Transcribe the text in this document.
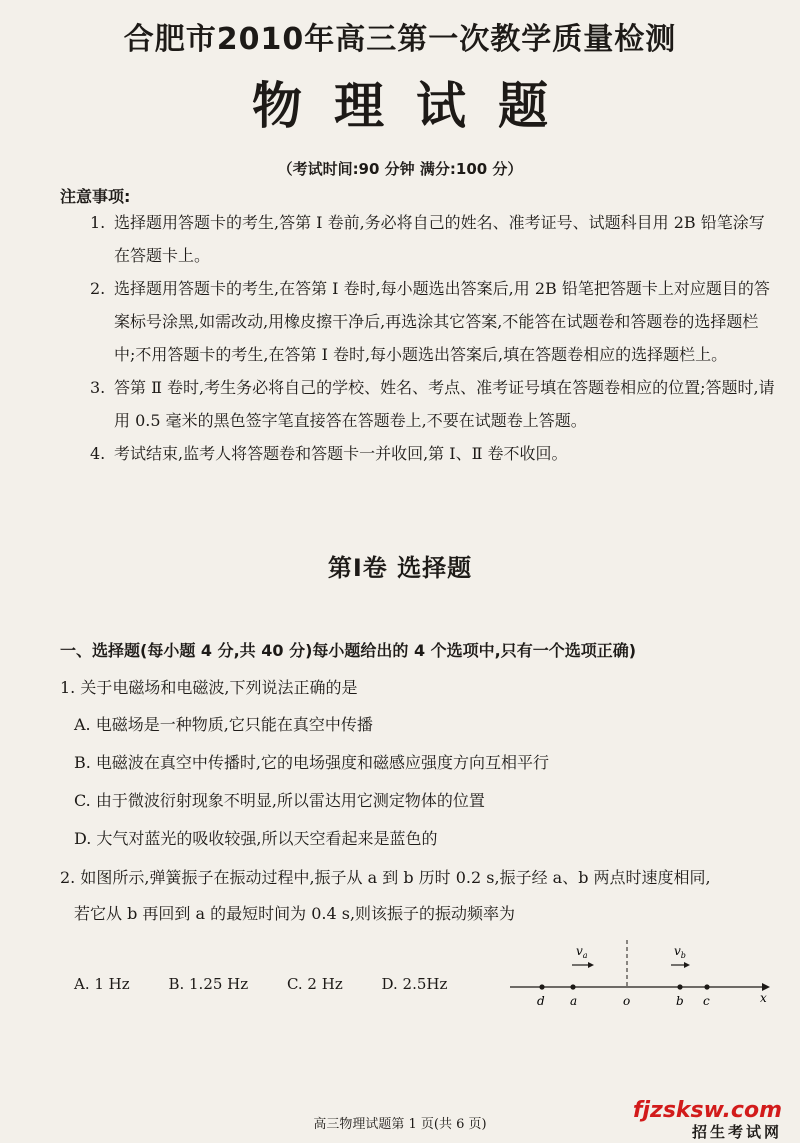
合肥市2010年高三第一次教学质量检测
物理试题
（考试时间:90 分钟 满分:100 分）
注意事项:
1. 选择题用答题卡的考生,答第 Ⅰ 卷前,务必将自己的姓名、准考证号、试题科目用 2B 铅笔涂写在答题卡上。
2. 选择题用答题卡的考生,在答第 Ⅰ 卷时,每小题选出答案后,用 2B 铅笔把答题卡上对应题目的答案标号涂黑,如需改动,用橡皮擦干净后,再选涂其它答案,不能答在试题卷和答题卷的选择题栏中;不用答题卡的考生,在答第 Ⅰ 卷时,每小题选出答案后,填在答题卷相应的选择题栏上。
3. 答第 Ⅱ 卷时,考生务必将自己的学校、姓名、考点、准考证号填在答题卷相应的位置;答题时,请用 0.5 毫米的黑色签字笔直接答在答题卷上,不要在试题卷上答题。
4. 考试结束,监考人将答题卷和答题卡一并收回,第 Ⅰ、Ⅱ 卷不收回。
第Ⅰ卷 选择题
一、选择题(每小题 4 分,共 40 分)每小题给出的 4 个选项中,只有一个选项正确)
1. 关于电磁场和电磁波,下列说法正确的是
A. 电磁场是一种物质,它只能在真空中传播
B. 电磁波在真空中传播时,它的电场强度和磁感应强度方向互相平行
C. 由于微波衍射现象不明显,所以雷达用它测定物体的位置
D. 大气对蓝光的吸收较强,所以天空看起来是蓝色的
2. 如图所示,弹簧振子在振动过程中,振子从 a 到 b 历时 0.2 s,振子经 a、b 两点时速度相同,
若它从 b 再回到 a 的最短时间为 0.4 s,则该振子的振动频率为
A. 1 Hz	B. 1.25 Hz	C. 2 Hz	D. 2.5Hz
x
d a	o	b c
$v_a$	$v_b$
高三物理试题第 1 页(共 6 页)
fjzsksw.com
招生考试网
